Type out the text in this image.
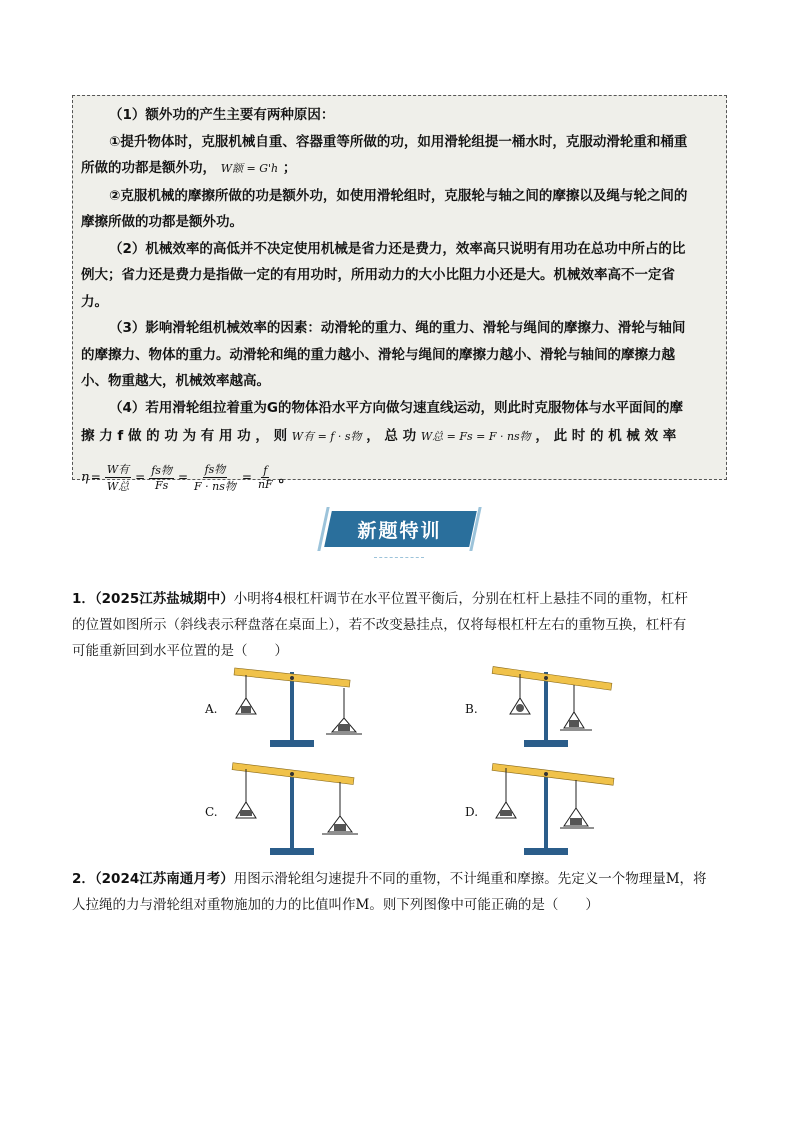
（1）额外功的产生主要有两种原因：
①提升物体时，克服机械自重、容器重等所做的功，如用滑轮组提一桶水时，克服动滑轮重和桶重
所做的功都是额外功， W额 = G'h ；
②克服机械的摩擦所做的功是额外功，如使用滑轮组时，克服轮与轴之间的摩擦以及绳与轮之间的
摩擦所做的功都是额外功。
（2）机械效率的高低并不决定使用机械是省力还是费力，效率高只说明有用功在总功中所占的比
例大；省力还是费力是指做一定的有用功时，所用动力的大小比阻力小还是大。机械效率高不一定省
力。
（3）影响滑轮组机械效率的因素：动滑轮的重力、绳的重力、滑轮与绳间的摩擦力、滑轮与轴间
的摩擦力、物体的重力。动滑轮和绳的重力越小、滑轮与绳间的摩擦力越小、滑轮与轴间的摩擦力越
小、物重越大，机械效率越高。
（4）若用滑轮组拉着重为G的物体沿水平方向做匀速直线运动，则此时克服物体与水平面间的摩
擦 力 f 做 的 功 为 有 用 功 ， 则 W有 = f · s物 ， 总 功 W总 = Fs = F · ns物 ， 此 时 的 机 械 效 率
$\eta = \frac{\text{W有}}{\text{W总}} = \frac{\text{fs物}}{Fs} = \frac{\text{fs物}}{\text{F · ns物}} = \frac{f}{nF}$ 。
新题特训
1．（2025江苏盐城期中）小明将4根杠杆调节在水平位置平衡后，分别在杠杆上悬挂不同的重物，杠杆
的位置如图所示（斜线表示秤盘落在桌面上），若不改变悬挂点，仅将每根杠杆左右的重物互换，杠杆有
可能重新回到水平位置的是（　　）
A.	B.
C.	D.
2．（2024江苏南通月考）用图示滑轮组匀速提升不同的重物，不计绳重和摩擦。先定义一个物理量M，将
人拉绳的力与滑轮组对重物施加的力的比值叫作M。则下列图像中可能正确的是（　　）
